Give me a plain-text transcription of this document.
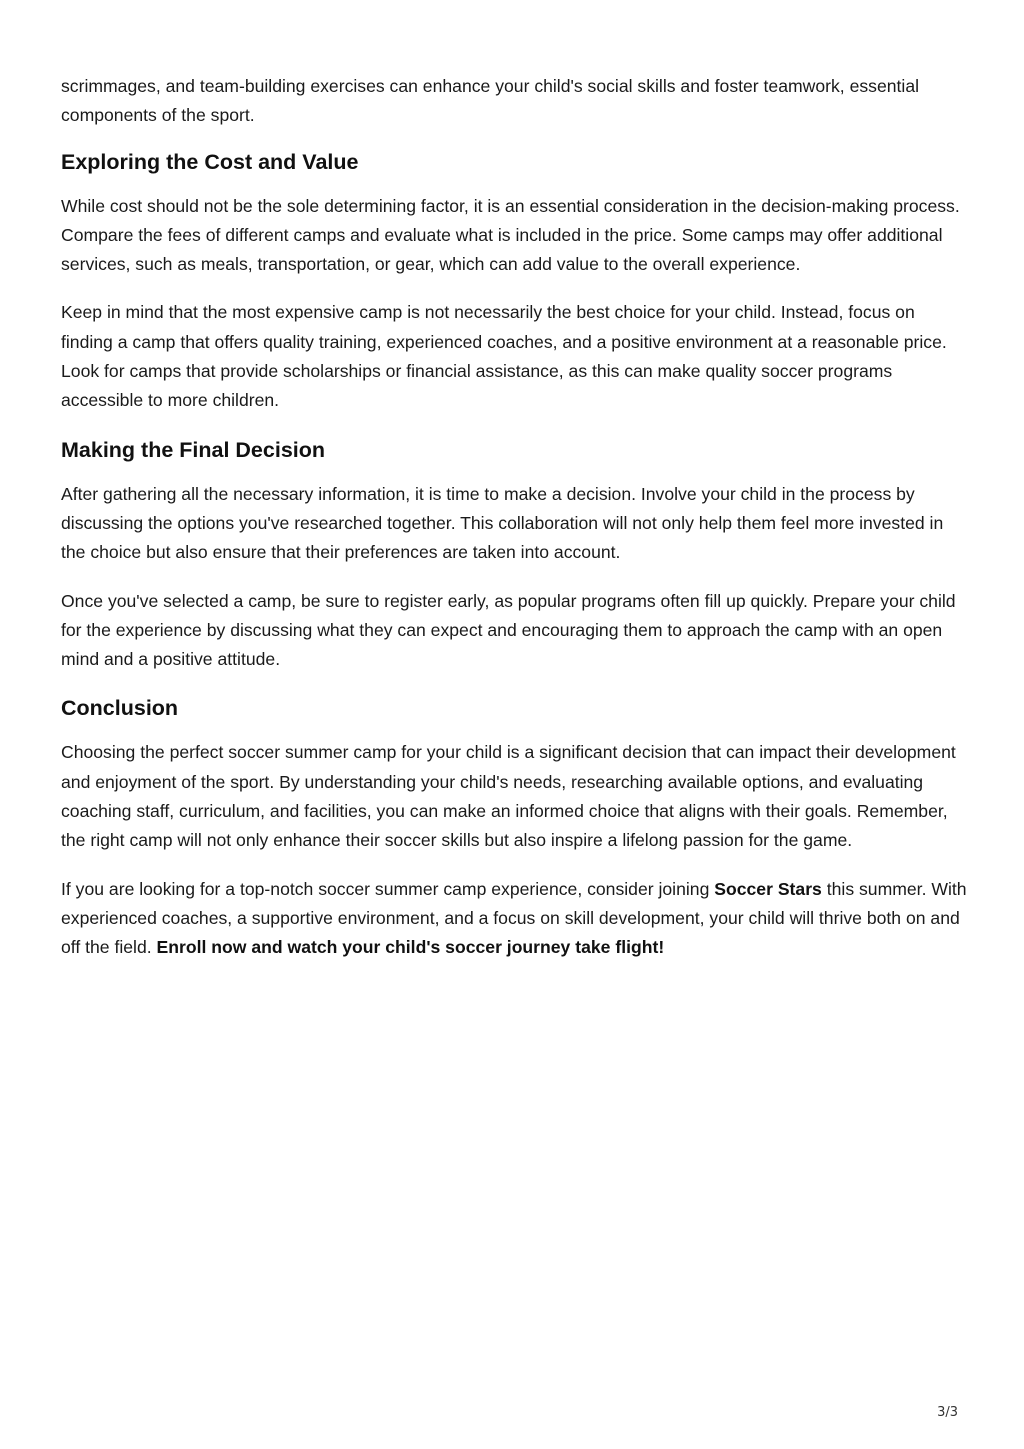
scrimmages, and team-building exercises can enhance your child's social skills and foster teamwork, essential components of the sport.

Exploring the Cost and Value

While cost should not be the sole determining factor, it is an essential consideration in the decision-making process. Compare the fees of different camps and evaluate what is included in the price. Some camps may offer additional services, such as meals, transportation, or gear, which can add value to the overall experience.

Keep in mind that the most expensive camp is not necessarily the best choice for your child. Instead, focus on finding a camp that offers quality training, experienced coaches, and a positive environment at a reasonable price. Look for camps that provide scholarships or financial assistance, as this can make quality soccer programs accessible to more children.

Making the Final Decision

After gathering all the necessary information, it is time to make a decision. Involve your child in the process by discussing the options you've researched together. This collaboration will not only help them feel more invested in the choice but also ensure that their preferences are taken into account.

Once you've selected a camp, be sure to register early, as popular programs often fill up quickly. Prepare your child for the experience by discussing what they can expect and encouraging them to approach the camp with an open mind and a positive attitude.

Conclusion

Choosing the perfect soccer summer camp for your child is a significant decision that can impact their development and enjoyment of the sport. By understanding your child's needs, researching available options, and evaluating coaching staff, curriculum, and facilities, you can make an informed choice that aligns with their goals. Remember, the right camp will not only enhance their soccer skills but also inspire a lifelong passion for the game.

If you are looking for a top-notch soccer summer camp experience, consider joining Soccer Stars this summer. With experienced coaches, a supportive environment, and a focus on skill development, your child will thrive both on and off the field. Enroll now and watch your child's soccer journey take flight!

3/3
